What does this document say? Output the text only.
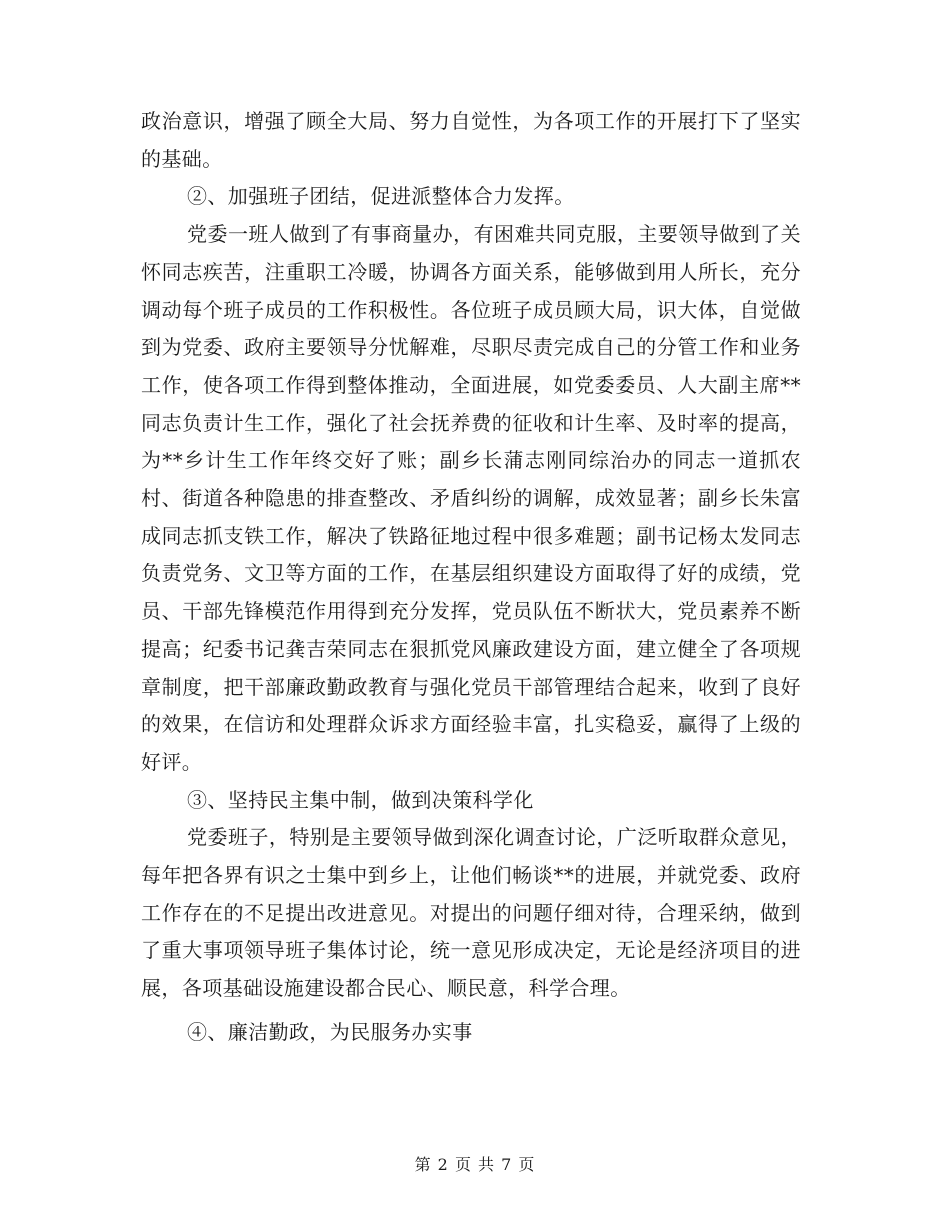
政治意识，增强了顾全大局、努力自觉性，为各项工作的开展打下了坚实的基础。

②、加强班子团结，促进派整体合力发挥。

党委一班人做到了有事商量办，有困难共同克服，主要领导做到了关怀同志疾苦，注重职工冷暖，协调各方面关系，能够做到用人所长，充分调动每个班子成员的工作积极性。各位班子成员顾大局，识大体，自觉做到为党委、政府主要领导分忧解难，尽职尽责完成自己的分管工作和业务工作，使各项工作得到整体推动，全面进展，如党委委员、人大副主席**同志负责计生工作，强化了社会抚养费的征收和计生率、及时率的提高，为**乡计生工作年终交好了账；副乡长蒲志刚同综治办的同志一道抓农村、街道各种隐患的排查整改、矛盾纠纷的调解，成效显著；副乡长朱富成同志抓支铁工作，解决了铁路征地过程中很多难题；副书记杨太发同志负责党务、文卫等方面的工作，在基层组织建设方面取得了好的成绩，党员、干部先锋模范作用得到充分发挥，党员队伍不断状大，党员素养不断提高；纪委书记龚吉荣同志在狠抓党风廉政建设方面，建立健全了各项规章制度，把干部廉政勤政教育与强化党员干部管理结合起来，收到了良好的效果，在信访和处理群众诉求方面经验丰富，扎实稳妥，赢得了上级的好评。

③、坚持民主集中制，做到决策科学化

党委班子，特别是主要领导做到深化调查讨论，广泛听取群众意见，每年把各界有识之士集中到乡上，让他们畅谈**的进展，并就党委、政府工作存在的不足提出改进意见。对提出的问题仔细对待，合理采纳，做到了重大事项领导班子集体讨论，统一意见形成决定，无论是经济项目的进展，各项基础设施建设都合民心、顺民意，科学合理。

④、廉洁勤政，为民服务办实事

第 2 页 共 7 页
